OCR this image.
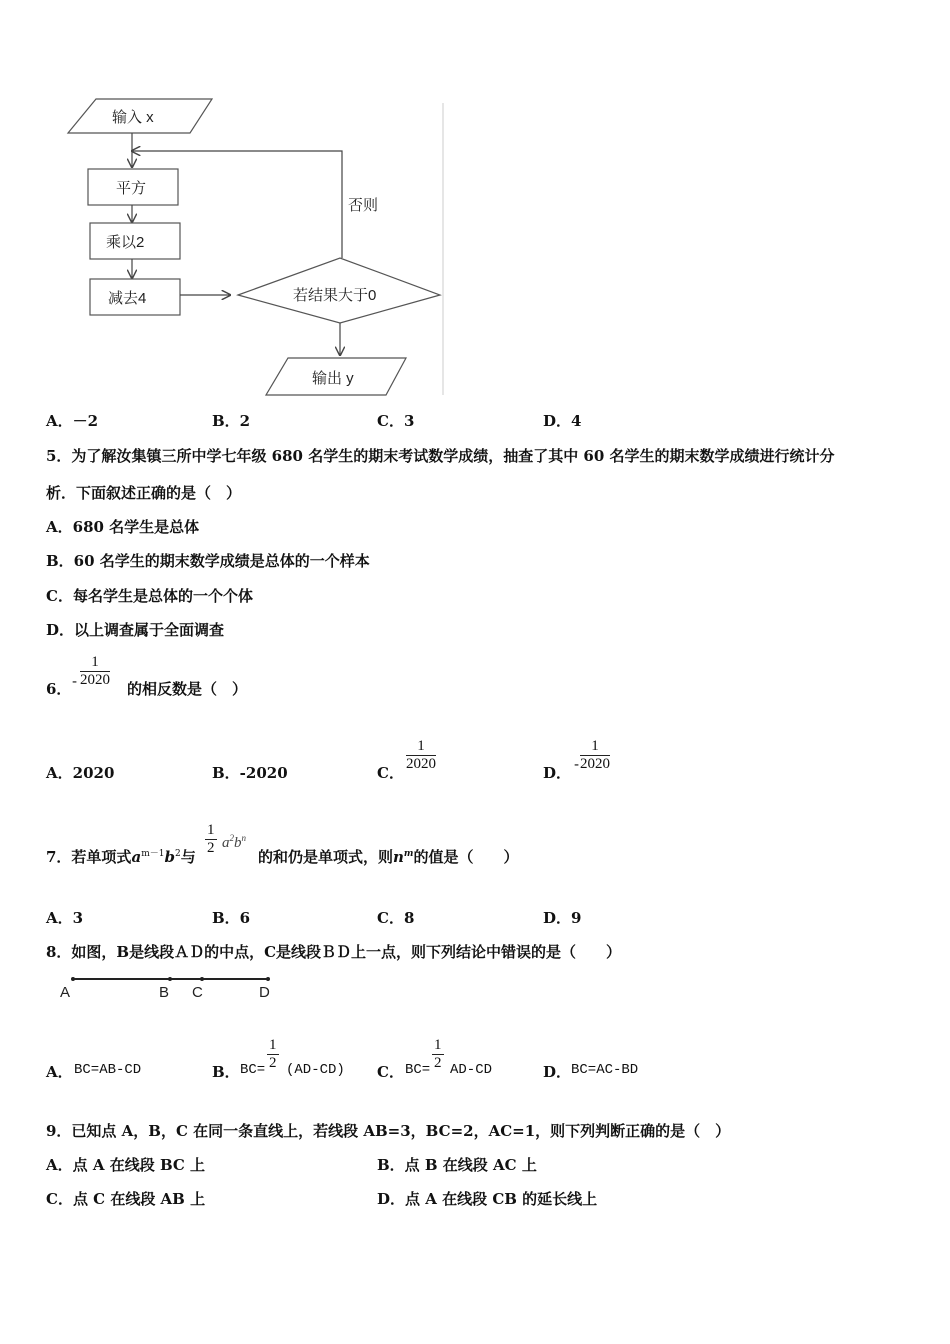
输入 x
否则
平方
乘以2
减去4	若结果大于0
输出 y
A．－2	B．2	C．3	D．4
5．为了解汝集镇三所中学七年级 680 名学生的期末考试数学成绩，抽查了其中 60 名学生的期末数学成绩进行统计分
析．下面叙述正确的是（　）
A．680 名学生是总体
B．60 名学生的期末数学成绩是总体的一个样本
C．每名学生是总体的一个个体
D．以上调查属于全面调查
6． - $\frac{1}{2020}$ 的相反数是（　）
A．2020	B．-2020	C． $\frac{1}{2020}$	D． - $\frac{1}{2020}$
7．若单项式$a^{m-1}b^2$与 $\frac{1}{2} a^2b^n$
的和仍是单项式，则$n^m$的值是（　　）
A．3	B．6	C．8	D．9
8．如图，B是线段ＡＤ的中点，C是线段ＢＤ上一点，则下列结论中错误的是（　　）
A	B C	D
A． BC=AB-CD	B． $BC= \frac{1}{2} (AD-CD)$ C． $BC= \frac{1}{2} AD-CD$	D． BC=AC-BD
9．已知点 A，B，C 在同一条直线上，若线段 AB=3，BC=2，AC=1，则下列判断正确的是（　）
A．点 A 在线段 BC 上	B．点 B 在线段 AC 上
C．点 C 在线段 AB 上	D．点 A 在线段 CB 的延长线上
